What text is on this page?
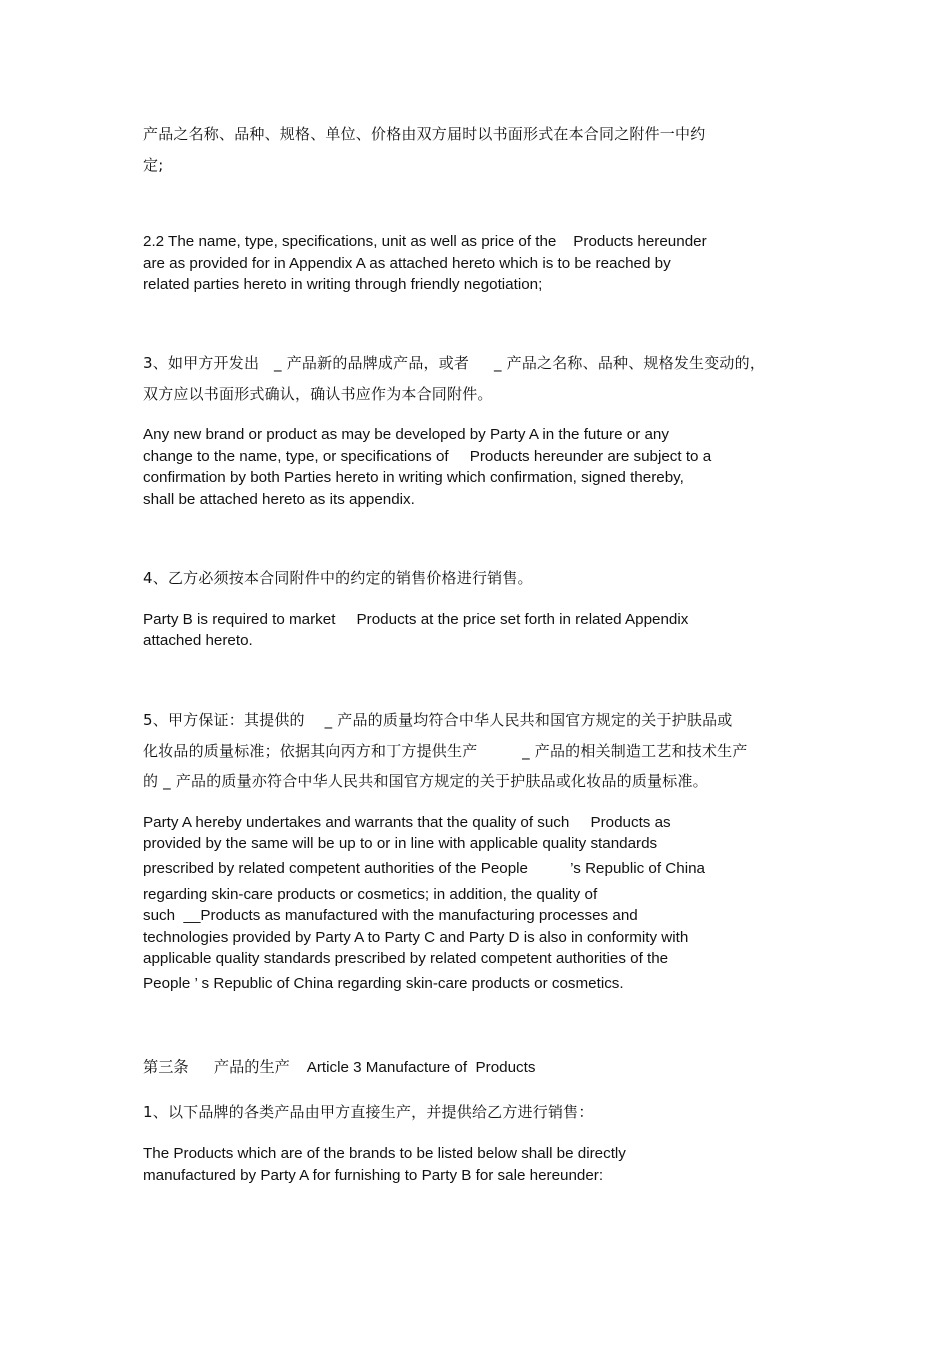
产品之名称、品种、规格、单位、价格由双方届时以书面形式在本合同之附件一中约
定;
2.2 The name, type, specifications, unit as well as price of the    Products hereunder
are as provided for in Appendix A as attached hereto which is to be reached by
related parties hereto in writing through friendly negotiation;
3、如甲方开发出   _ 产品新的品牌成产品，或者     _ 产品之名称、品种、规格发生变动的，
双方应以书面形式确认，确认书应作为本合同附件。
Any new brand or product as may be developed by Party A in the future or any
change to the name, type, or specifications of     Products hereunder are subject to a
confirmation by both Parties hereto in writing which confirmation, signed thereby,
shall be attached hereto as its appendix.
4、乙方必须按本合同附件中的约定的销售价格进行销售。
Party B is required to market     Products at the price set forth in related Appendix
attached hereto.
5、甲方保证：其提供的    _ 产品的质量均符合中华人民共和国官方规定的关于护肤品或
化妆品的质量标准；依据其向丙方和丁方提供生产         _ 产品的相关制造工艺和技术生产
的 _ 产品的质量亦符合中华人民共和国官方规定的关于护肤品或化妆品的质量标准。
Party A hereby undertakes and warrants that the quality of such     Products as
provided by the same will be up to or in line with applicable quality standards
prescribed by related competent authorities of the People          ’s Republic of China
regarding skin-care products or cosmetics; in addition, the quality of
such  __Products as manufactured with the manufacturing processes and
technologies provided by Party A to Party C and Party D is also in conformity with
applicable quality standards prescribed by related competent authorities of the
People ’ s Republic of China regarding skin-care products or cosmetics.
第三条      产品的生产    Article 3 Manufacture of  Products
1、以下品牌的各类产品由甲方直接生产，并提供给乙方进行销售：
The Products which are of the brands to be listed below shall be directly
manufactured by Party A for furnishing to Party B for sale hereunder:
